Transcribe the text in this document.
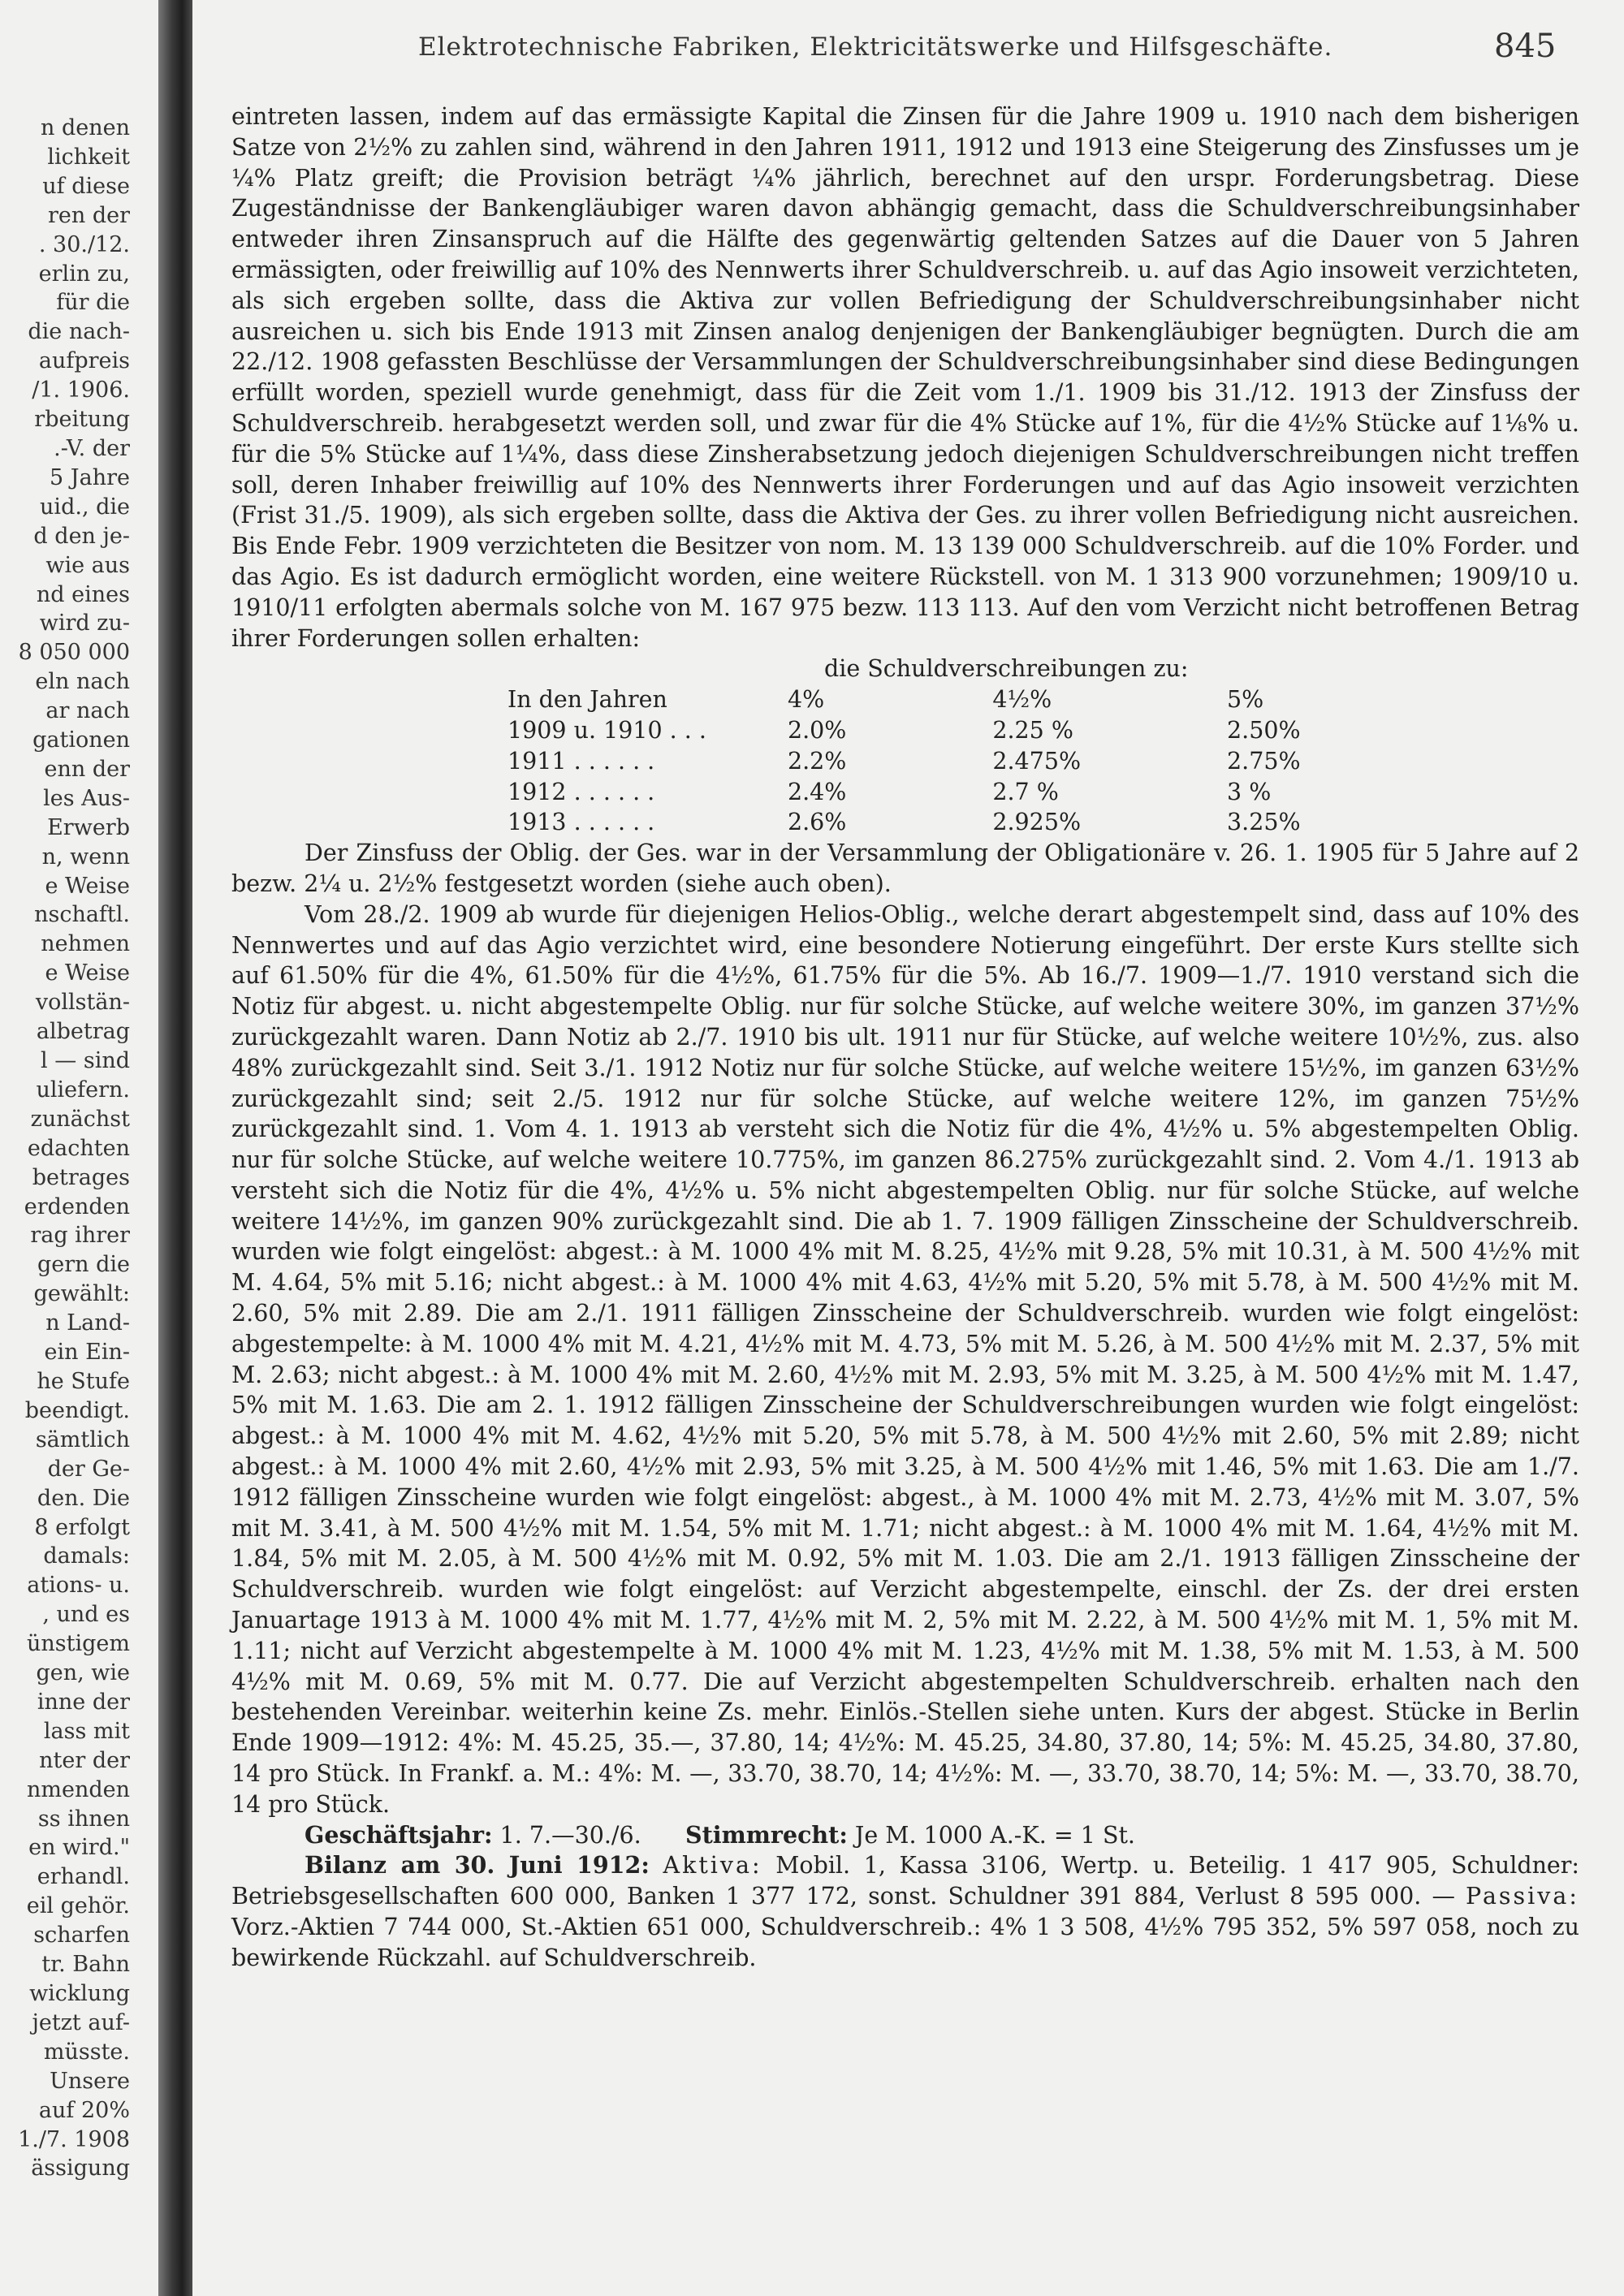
n denen
lichkeit
uf diese
ren der
. 30./12.
erlin zu,
für die
die nach-
aufpreis
/1. 1906.
rbeitung
.-V. der
5 Jahre
uid., die
d den je-
wie aus
nd eines
wird zu-
8 050 000
eln nach
ar nach
gationen
enn der
les Aus-
Erwerb
n, wenn
e Weise
nschaftl.
nehmen
e Weise
vollstän-
albetrag
l — sind
uliefern.
zunächst
edachten
betrages
erdenden
rag ihrer
gern die
gewählt:
n Land-
ein Ein-
he Stufe
beendigt.
sämtlich
der Ge-
den. Die
8 erfolgt
damals:
ations- u.
, und es
ünstigem
gen, wie
inne der
lass mit
nter der
nmenden
ss ihnen
en wird."
erhandl.
eil gehör.
scharfen
tr. Bahn
wicklung
jetzt auf-
müsste.
Unsere
auf 20%
1./7. 1908
ässigung
Elektrotechnische Fabriken, Elektricitätswerke und Hilfsgeschäfte.	845

eintreten lassen, indem auf das ermässigte Kapital die Zinsen für die Jahre 1909 u. 1910 nach dem bisherigen Satze von 2½% zu zahlen sind, während in den Jahren 1911, 1912 und 1913 eine Steigerung des Zinsfusses um je ¼% Platz greift; die Provision beträgt ¼% jährlich, berechnet auf den urspr. Forderungsbetrag. Diese Zugeständnisse der Bankengläubiger waren davon abhängig gemacht, dass die Schuldverschreibungsinhaber entweder ihren Zinsanspruch auf die Hälfte des gegenwärtig geltenden Satzes auf die Dauer von 5 Jahren ermässigten, oder freiwillig auf 10% des Nennwerts ihrer Schuldverschreib. u. auf das Agio insoweit verzichteten, als sich ergeben sollte, dass die Aktiva zur vollen Befriedigung der Schuldverschreibungsinhaber nicht ausreichen u. sich bis Ende 1913 mit Zinsen analog denjenigen der Bankengläubiger begnügten. Durch die am 22./12. 1908 gefassten Beschlüsse der Versammlungen der Schuldverschreibungsinhaber sind diese Bedingungen erfüllt worden, speziell wurde genehmigt, dass für die Zeit vom 1./1. 1909 bis 31./12. 1913 der Zinsfuss der Schuldverschreib. herabgesetzt werden soll, und zwar für die 4% Stücke auf 1%, für die 4½% Stücke auf 1⅛% u. für die 5% Stücke auf 1¼%, dass diese Zinsherabsetzung jedoch diejenigen Schuldverschreibungen nicht treffen soll, deren Inhaber freiwillig auf 10% des Nennwerts ihrer Forderungen und auf das Agio insoweit verzichten (Frist 31./5. 1909), als sich ergeben sollte, dass die Aktiva der Ges. zu ihrer vollen Befriedigung nicht ausreichen. Bis Ende Febr. 1909 verzichteten die Besitzer von nom. M. 13 139 000 Schuldverschreib. auf die 10% Forder. und das Agio. Es ist dadurch ermöglicht worden, eine weitere Rückstell. von M. 1 313 900 vorzunehmen; 1909/10 u. 1910/11 erfolgten abermals solche von M. 167 975 bezw. 113 113. Auf den vom Verzicht nicht betroffenen Betrag ihrer Forderungen sollen erhalten:

die Schuldverschreibungen zu:			
In den Jahren	4%	4½%	5%
1909 u. 1910 . . .	2.0%	2.25 %	2.50%
1911 . . . . . .	2.2%	2.475%	2.75%
1912 . . . . . .	2.4%	2.7 %	3 %
1913 . . . . . .	2.6%	2.925%	3.25%

Der Zinsfuss der Oblig. der Ges. war in der Versammlung der Obligationäre v. 26. 1. 1905 für 5 Jahre auf 2 bezw. 2¼ u. 2½% festgesetzt worden (siehe auch oben).

Vom 28./2. 1909 ab wurde für diejenigen Helios-Oblig., welche derart abgestempelt sind, dass auf 10% des Nennwertes und auf das Agio verzichtet wird, eine besondere Notierung eingeführt. Der erste Kurs stellte sich auf 61.50% für die 4%, 61.50% für die 4½%, 61.75% für die 5%. Ab 16./7. 1909—1./7. 1910 verstand sich die Notiz für abgest. u. nicht abgestempelte Oblig. nur für solche Stücke, auf welche weitere 30%, im ganzen 37½% zurückgezahlt waren. Dann Notiz ab 2./7. 1910 bis ult. 1911 nur für Stücke, auf welche weitere 10½%, zus. also 48% zurückgezahlt sind. Seit 3./1. 1912 Notiz nur für solche Stücke, auf welche weitere 15½%, im ganzen 63½% zurückgezahlt sind; seit 2./5. 1912 nur für solche Stücke, auf welche weitere 12%, im ganzen 75½% zurückgezahlt sind. 1. Vom 4. 1. 1913 ab versteht sich die Notiz für die 4%, 4½% u. 5% abgestempelten Oblig. nur für solche Stücke, auf welche weitere 10.775%, im ganzen 86.275% zurückgezahlt sind. 2. Vom 4./1. 1913 ab versteht sich die Notiz für die 4%, 4½% u. 5% nicht abgestempelten Oblig. nur für solche Stücke, auf welche weitere 14½%, im ganzen 90% zurückgezahlt sind. Die ab 1. 7. 1909 fälligen Zinsscheine der Schuldverschreib. wurden wie folgt eingelöst: abgest.: à M. 1000 4% mit M. 8.25, 4½% mit 9.28, 5% mit 10.31, à M. 500 4½% mit M. 4.64, 5% mit 5.16; nicht abgest.: à M. 1000 4% mit 4.63, 4½% mit 5.20, 5% mit 5.78, à M. 500 4½% mit M. 2.60, 5% mit 2.89. Die am 2./1. 1911 fälligen Zinsscheine der Schuldverschreib. wurden wie folgt eingelöst: abgestempelte: à M. 1000 4% mit M. 4.21, 4½% mit M. 4.73, 5% mit M. 5.26, à M. 500 4½% mit M. 2.37, 5% mit M. 2.63; nicht abgest.: à M. 1000 4% mit M. 2.60, 4½% mit M. 2.93, 5% mit M. 3.25, à M. 500 4½% mit M. 1.47, 5% mit M. 1.63. Die am 2. 1. 1912 fälligen Zinsscheine der Schuldverschreibungen wurden wie folgt eingelöst: abgest.: à M. 1000 4% mit M. 4.62, 4½% mit 5.20, 5% mit 5.78, à M. 500 4½% mit 2.60, 5% mit 2.89; nicht abgest.: à M. 1000 4% mit 2.60, 4½% mit 2.93, 5% mit 3.25, à M. 500 4½% mit 1.46, 5% mit 1.63. Die am 1./7. 1912 fälligen Zinsscheine wurden wie folgt eingelöst: abgest., à M. 1000 4% mit M. 2.73, 4½% mit M. 3.07, 5% mit M. 3.41, à M. 500 4½% mit M. 1.54, 5% mit M. 1.71; nicht abgest.: à M. 1000 4% mit M. 1.64, 4½% mit M. 1.84, 5% mit M. 2.05, à M. 500 4½% mit M. 0.92, 5% mit M. 1.03. Die am 2./1. 1913 fälligen Zinsscheine der Schuldverschreib. wurden wie folgt eingelöst: auf Verzicht abgestempelte, einschl. der Zs. der drei ersten Januartage 1913 à M. 1000 4% mit M. 1.77, 4½% mit M. 2, 5% mit M. 2.22, à M. 500 4½% mit M. 1, 5% mit M. 1.11; nicht auf Verzicht abgestempelte à M. 1000 4% mit M. 1.23, 4½% mit M. 1.38, 5% mit M. 1.53, à M. 500 4½% mit M. 0.69, 5% mit M. 0.77. Die auf Verzicht abgestempelten Schuldverschreib. erhalten nach den bestehenden Vereinbar. weiterhin keine Zs. mehr. Einlös.-Stellen siehe unten. Kurs der abgest. Stücke in Berlin Ende 1909—1912: 4%: M. 45.25, 35.—, 37.80, 14; 4½%: M. 45.25, 34.80, 37.80, 14; 5%: M. 45.25, 34.80, 37.80, 14 pro Stück. In Frankf. a. M.: 4%: M. —, 33.70, 38.70, 14; 4½%: M. —, 33.70, 38.70, 14; 5%: M. —, 33.70, 38.70, 14 pro Stück.

Geschäftsjahr: 1. 7.—30./6. Stimmrecht: Je M. 1000 A.-K. = 1 St.

Bilanz am 30. Juni 1912: Aktiva: Mobil. 1, Kassa 3106, Wertp. u. Beteilig. 1 417 905, Schuldner: Betriebsgesellschaften 600 000, Banken 1 377 172, sonst. Schuldner 391 884, Verlust 8 595 000. — Passiva: Vorz.-Aktien 7 744 000, St.-Aktien 651 000, Schuldverschreib.: 4% 1 3 508, 4½% 795 352, 5% 597 058, noch zu bewirkende Rückzahl. auf Schuldverschreib.
